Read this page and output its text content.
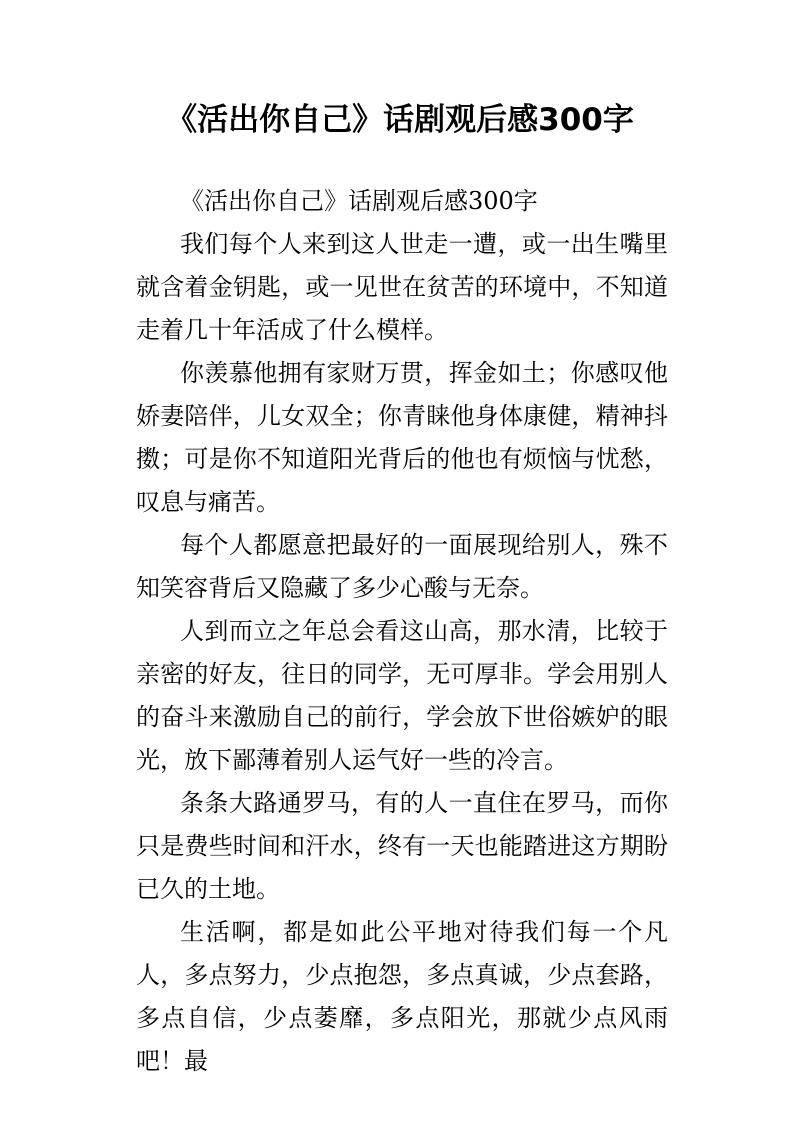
《活出你自己》话剧观后感300字

《活出你自己》话剧观后感300字

我们每个人来到这人世走一遭，或一出生嘴里就含着金钥匙，或一见世在贫苦的环境中，不知道走着几十年活成了什么模样。

你羡慕他拥有家财万贯，挥金如土；你感叹他娇妻陪伴，儿女双全；你青睐他身体康健，精神抖擞；可是你不知道阳光背后的他也有烦恼与忧愁，叹息与痛苦。

每个人都愿意把最好的一面展现给别人，殊不知笑容背后又隐藏了多少心酸与无奈。

人到而立之年总会看这山高，那水清，比较于亲密的好友，往日的同学，无可厚非。学会用别人的奋斗来激励自己的前行，学会放下世俗嫉妒的眼光，放下鄙薄着别人运气好一些的冷言。

条条大路通罗马，有的人一直住在罗马，而你只是费些时间和汗水，终有一天也能踏进这方期盼已久的土地。

生活啊，都是如此公平地对待我们每一个凡人，多点努力，少点抱怨，多点真诚，少点套路，多点自信，少点萎靡，多点阳光，那就少点风雨吧！最
